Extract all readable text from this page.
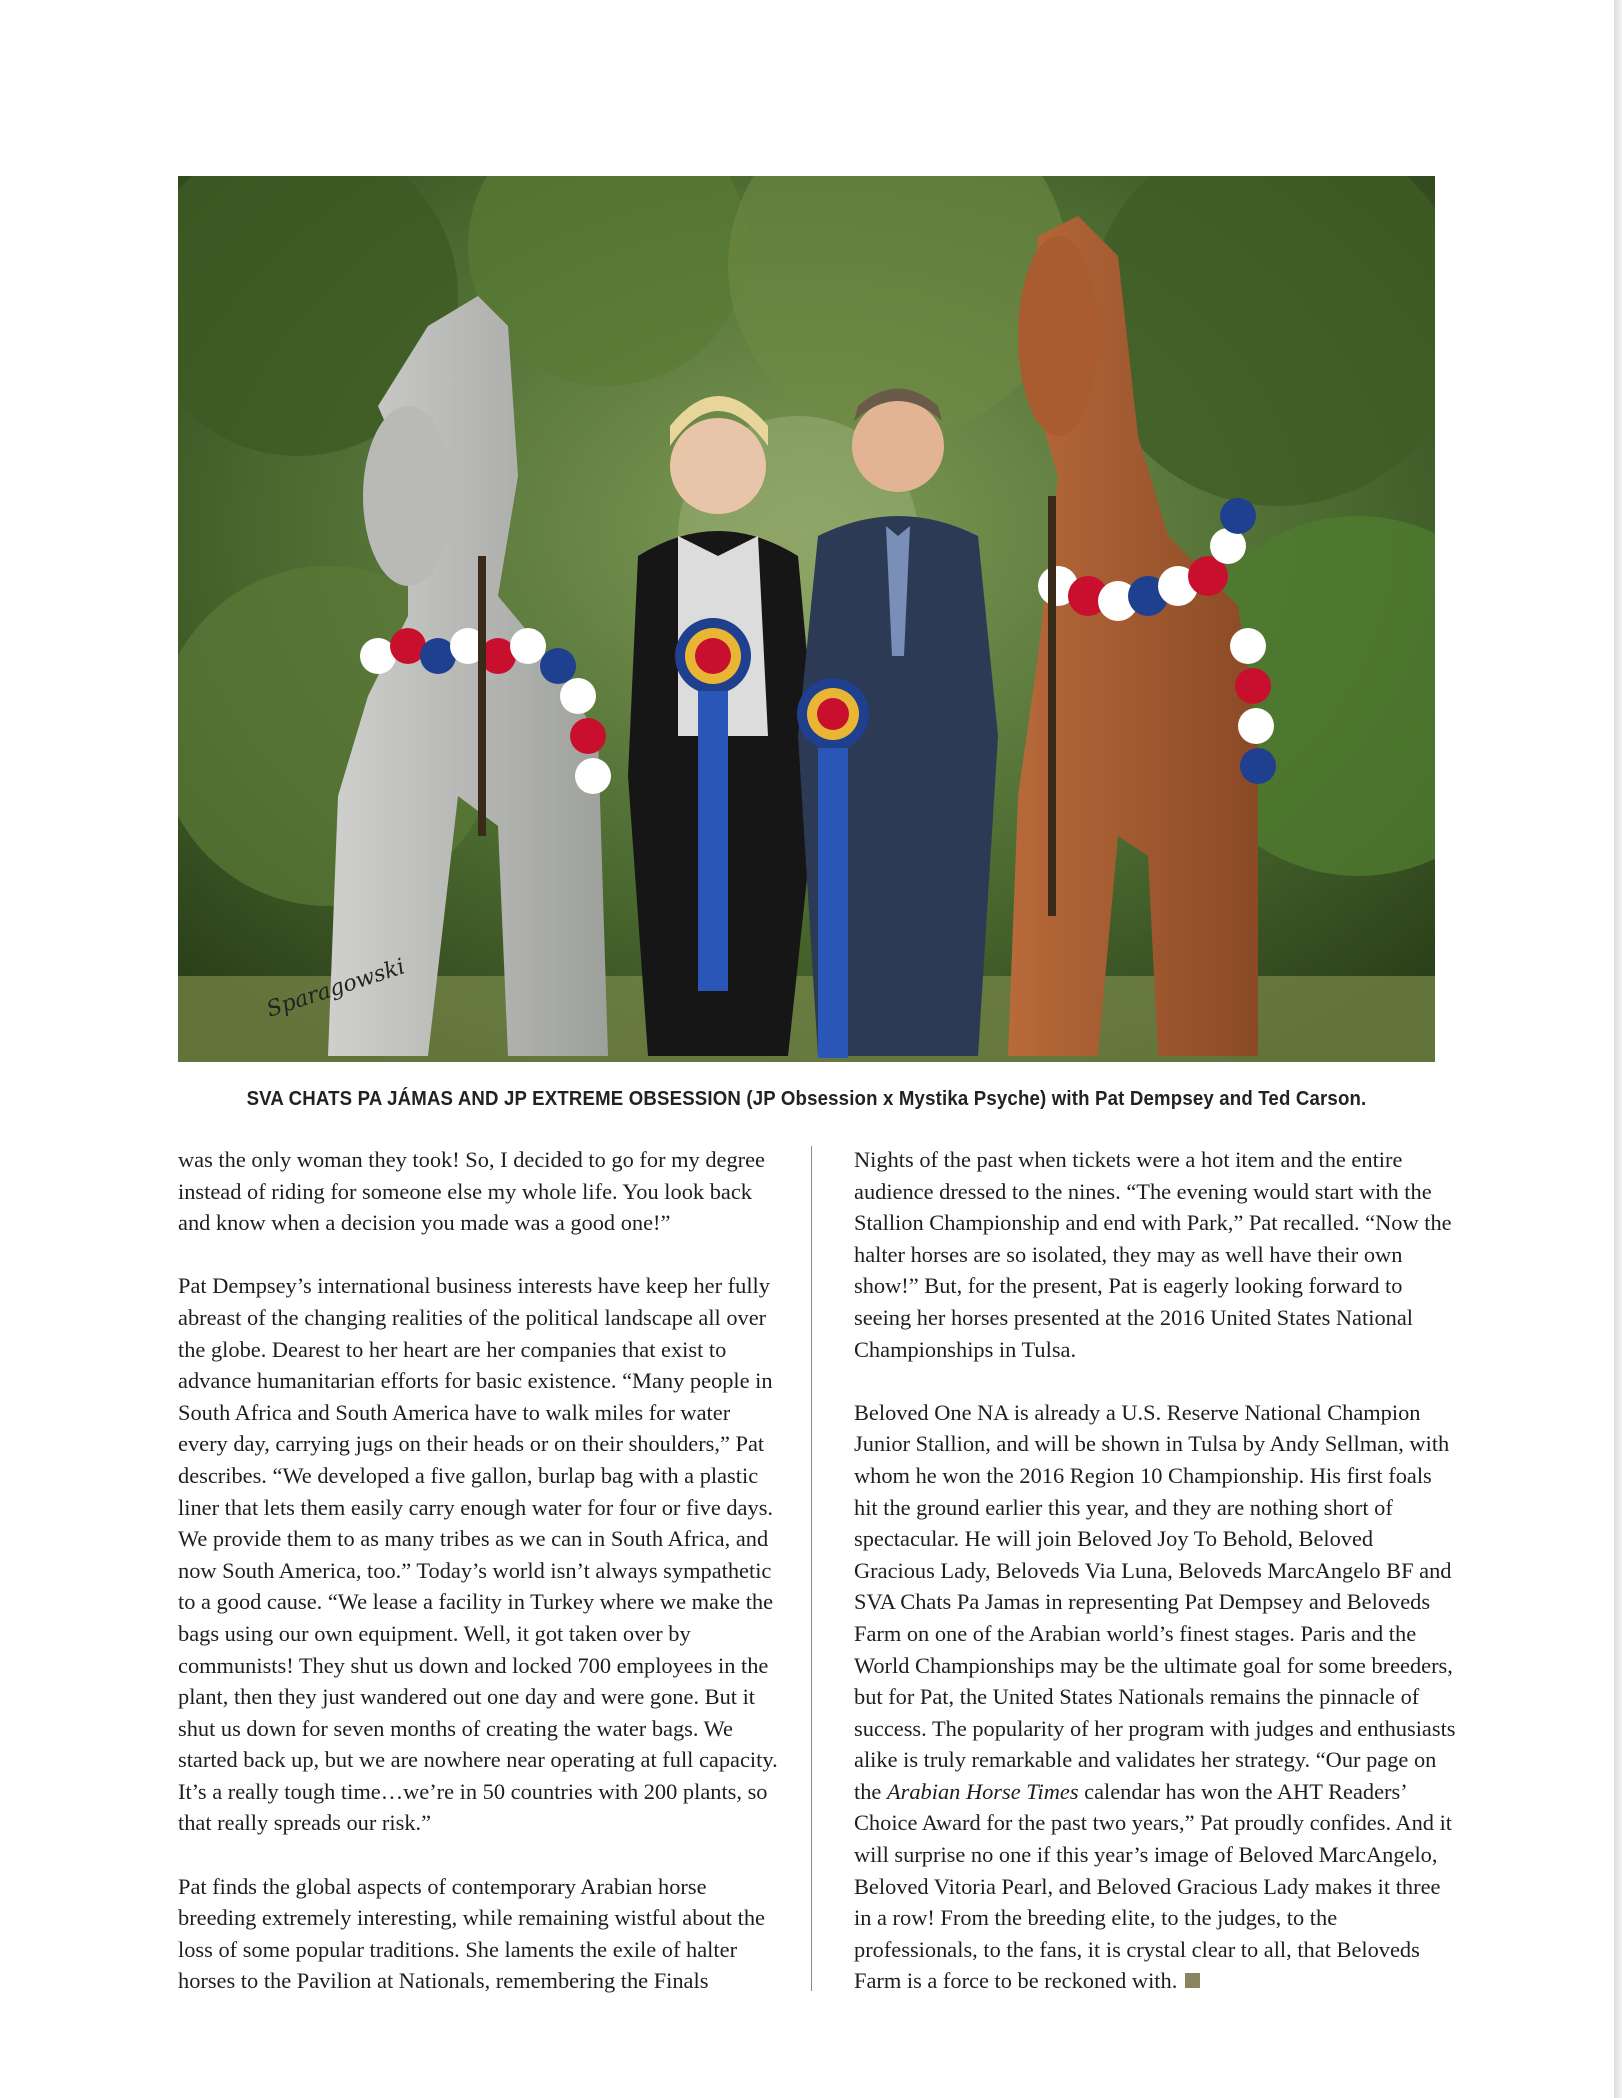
Sparagowski
SVA CHATS PA JÁMAS AND JP EXTREME OBSESSION (JP Obsession x Mystika Psyche) with Pat Dempsey and Ted Carson.

was the only woman they took! So, I decided to go for my degree instead of riding for someone else my whole life. You look back and know when a decision you made was a good one!”

Pat Dempsey’s international business interests have keep her fully abreast of the changing realities of the political landscape all over the globe. Dearest to her heart are her companies that exist to advance humanitarian efforts for basic existence. “Many people in South Africa and South America have to walk miles for water every day, carrying jugs on their heads or on their shoulders,” Pat describes. “We developed a five gallon, burlap bag with a plastic liner that lets them easily carry enough water for four or five days. We provide them to as many tribes as we can in South Africa, and now South America, too.” Today’s world isn’t always sympathetic to a good cause. “We lease a facility in Turkey where we make the bags using our own equipment. Well, it got taken over by communists! They shut us down and locked 700 employees in the plant, then they just wandered out one day and were gone. But it shut us down for seven months of creating the water bags. We started back up, but we are nowhere near operating at full capacity. It’s a really tough time…we’re in 50 countries with 200 plants, so that really spreads our risk.”

Pat finds the global aspects of contemporary Arabian horse breeding extremely interesting, while remaining wistful about the loss of some popular traditions. She laments the exile of halter horses to the Pavilion at Nationals, remembering the Finals

Nights of the past when tickets were a hot item and the entire audience dressed to the nines. “The evening would start with the Stallion Championship and end with Park,” Pat recalled. “Now the halter horses are so isolated, they may as well have their own show!” But, for the present, Pat is eagerly looking forward to seeing her horses presented at the 2016 United States National Championships in Tulsa.

Beloved One NA is already a U.S. Reserve National Champion Junior Stallion, and will be shown in Tulsa by Andy Sellman, with whom he won the 2016 Region 10 Championship. His first foals hit the ground earlier this year, and they are nothing short of spectacular. He will join Beloved Joy To Behold, Beloved Gracious Lady, Beloveds Via Luna, Beloveds MarcAngelo BF and SVA Chats Pa Jamas in representing Pat Dempsey and Belovеds Farm on one of the Arabian world’s finest stages. Paris and the World Championships may be the ultimate goal for some breeders, but for Pat, the United States Nationals remains the pinnacle of success. The popularity of her program with judges and enthusiasts alike is truly remarkable and validates her strategy. “Our page on the Arabian Horse Times calendar has won the AHT Readers’ Choice Award for the past two years,” Pat proudly confides. And it will surprise no one if this year’s image of Beloved MarcAngelo, Beloved Vitoria Pearl, and Beloved Gracious Lady makes it three in a row! From the breeding elite, to the judges, to the professionals, to the fans, it is crystal clear to all, that Beloveds Farm is a force to be reckoned with.
